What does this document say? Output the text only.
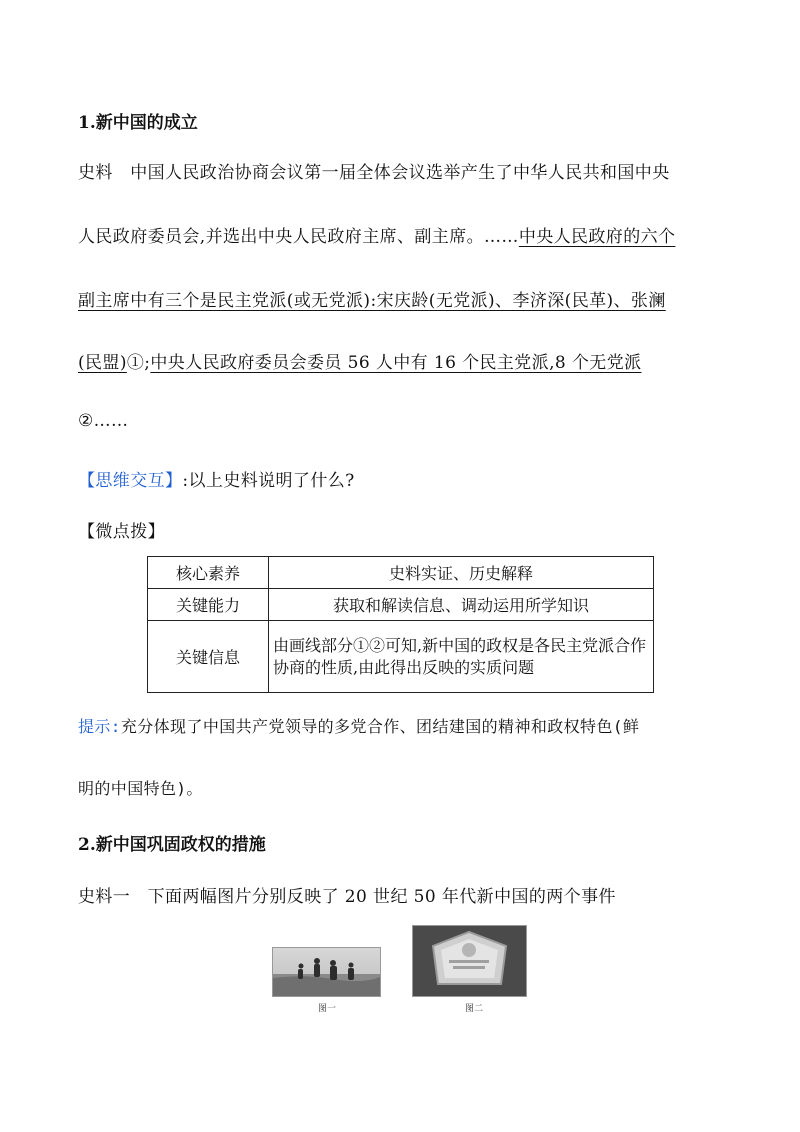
1.新中国的成立
史料　中国人民政治协商会议第一届全体会议选举产生了中华人民共和国中央
人民政府委员会,并选出中央人民政府主席、副主席。……中央人民政府的六个
副主席中有三个是民主党派(或无党派):宋庆龄(无党派)、李济深(民革)、张澜
(民盟)①;中央人民政府委员会委员 56 人中有 16 个民主党派,8 个无党派
②……
【思维交互】:以上史料说明了什么?
【微点拨】
核心素养	史料实证、历史解释
关键能力	获取和解读信息、调动运用所学知识
关键信息	由画线部分①②可知,新中国的政权是各民主党派合作协商的性质,由此得出反映的实质问题
提示:充分体现了中国共产党领导的多党合作、团结建国的精神和政权特色(鲜
明的中国特色)。
2.新中国巩固政权的措施
史料一　下面两幅图片分别反映了 20 世纪 50 年代新中国的两个事件
图一	图二
